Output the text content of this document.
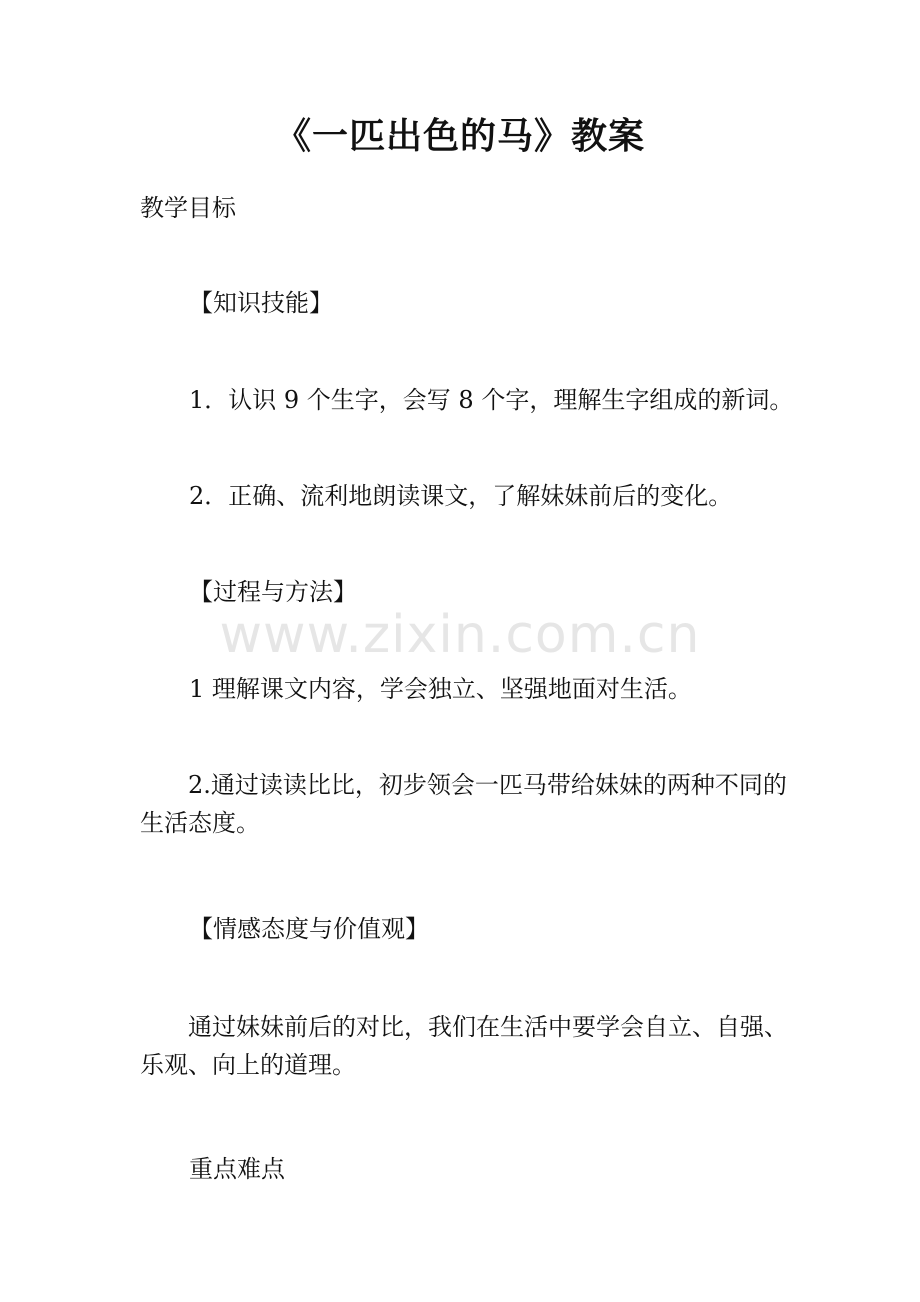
《一匹出色的马》教案
教学目标
【知识技能】
1．认识 9 个生字，会写 8 个字，理解生字组成的新词。
2．正确、流利地朗读课文，了解妹妹前后的变化。
【过程与方法】
www.zixin.com.cn
1 理解课文内容，学会独立、坚强地面对生活。

2.通过读读比比，初步领会一匹马带给妹妹的两种不同的生活态度。

【情感态度与价值观】

通过妹妹前后的对比，我们在生活中要学会自立、自强、乐观、向上的道理。

重点难点
